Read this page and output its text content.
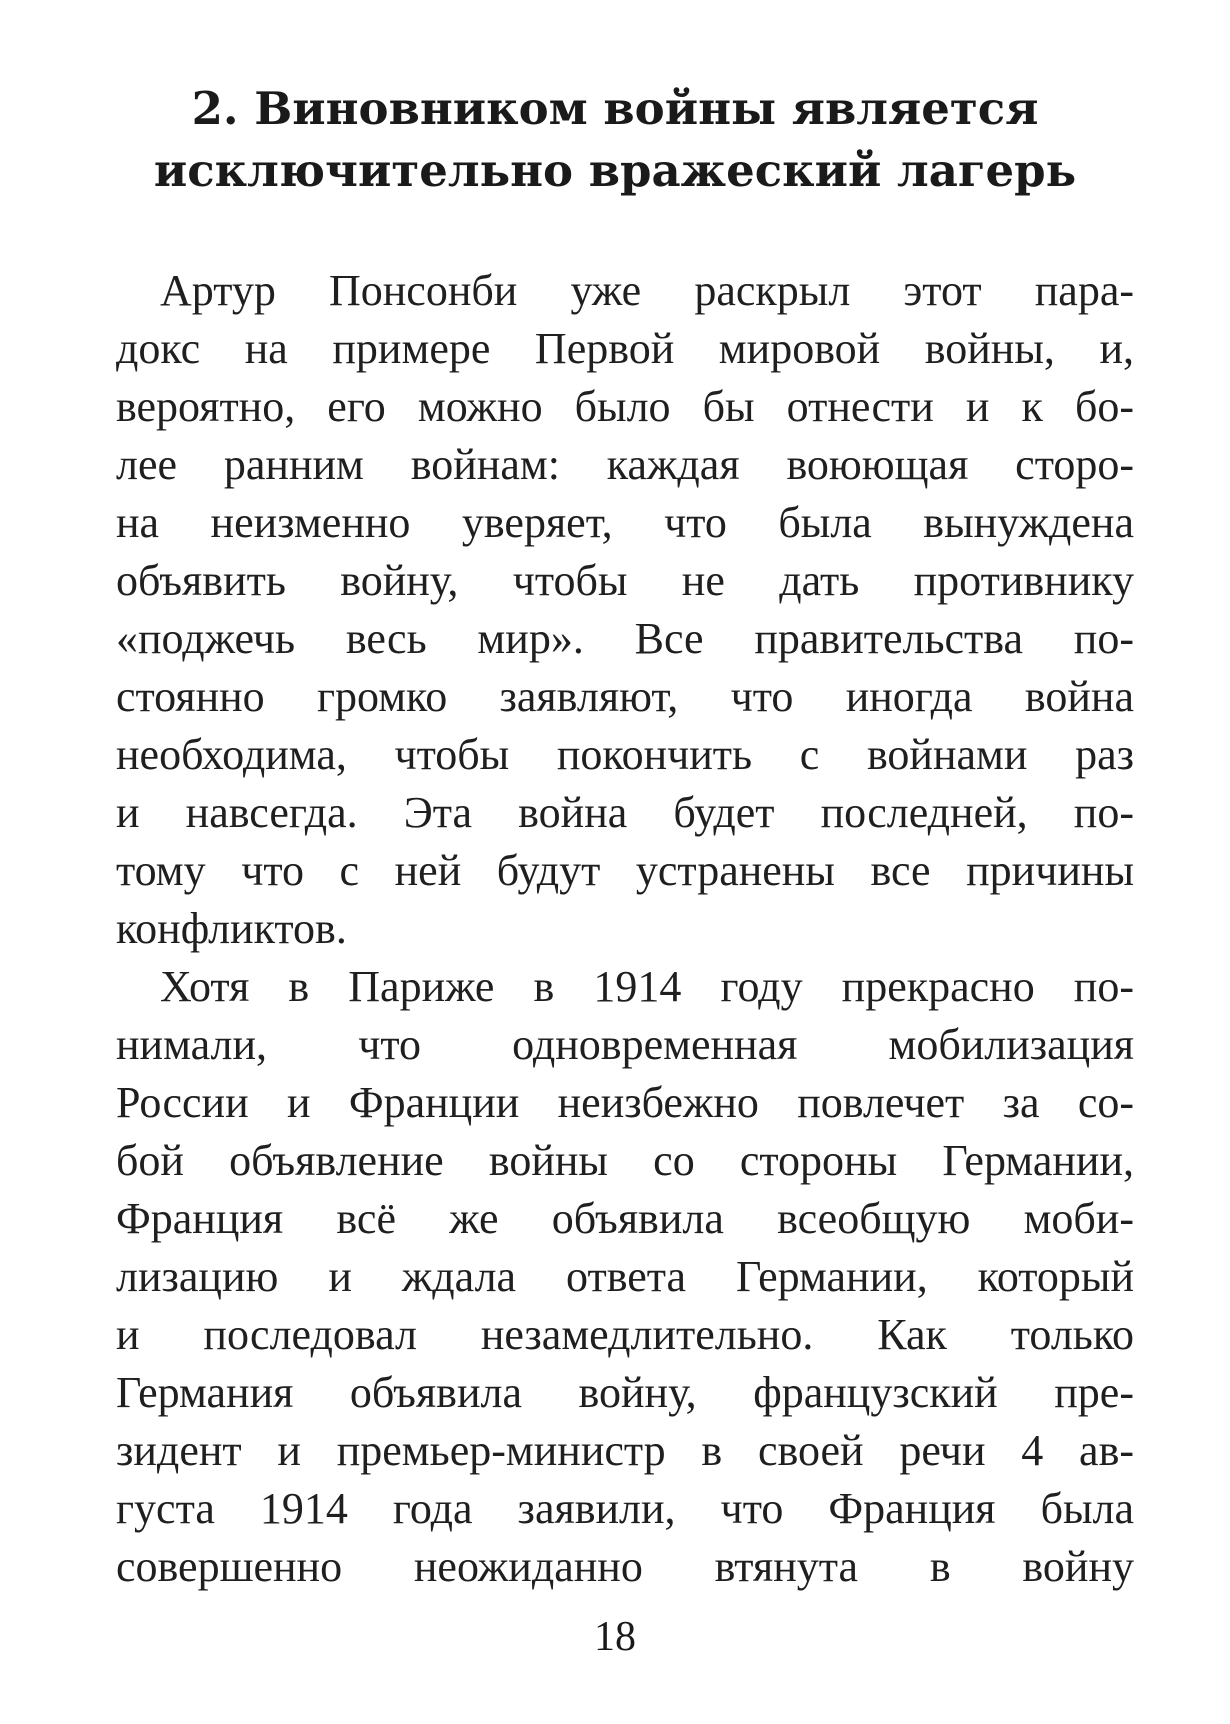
2. Виновником войны является
исключительно вражеский лагерь

Артур Понсонби уже раскрыл этот пара-
докс на примере Первой мировой войны, и,
вероятно, его можно было бы отнести и к бо-
лее ранним войнам: каждая воюющая сторо-
на неизменно уверяет, что была вынуждена
объявить войну, чтобы не дать противнику
«поджечь весь мир». Все правительства по-
стоянно громко заявляют, что иногда война
необходима, чтобы покончить с войнами раз
и навсегда. Эта война будет последней, по-
тому что с ней будут устранены все причины
конфликтов.

Хотя в Париже в 1914 году прекрасно по-
нимали, что одновременная мобилизация
России и Франции неизбежно повлечет за со-
бой объявление войны со стороны Германии,
Франция всё же объявила всеобщую моби-
лизацию и ждала ответа Германии, который
и последовал незамедлительно. Как только
Германия объявила войну, французский пре-
зидент и премьер-министр в своей речи 4 ав-
густа 1914 года заявили, что Франция была
совершенно неожиданно втянута в войну

18
